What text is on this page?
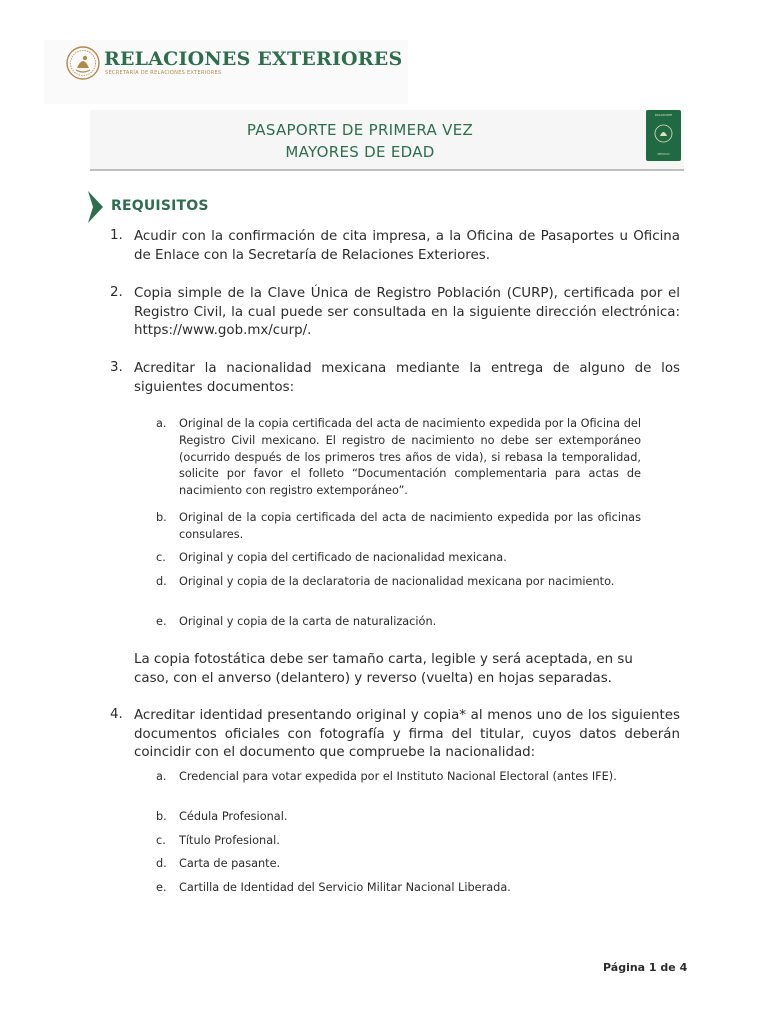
RELACIONES EXTERIORES
SECRETARÍA DE RELACIONES EXTERIORES
PASAPORTE DE PRIMERA VEZ
MAYORES DE EDAD
PASAPORTE
MÉXICO
REQUISITOS
1. Acudir con la confirmación de cita impresa, a la Oficina de Pasaportes u Oficina de Enlace con la Secretaría de Relaciones Exteriores.
2. Copia simple de la Clave Única de Registro Población (CURP), certificada por el Registro Civil, la cual puede ser consultada en la siguiente dirección electrónica: https://www.gob.mx/curp/.
3. Acreditar la nacionalidad mexicana mediante la entrega de alguno de los siguientes documentos:
a. Original de la copia certificada del acta de nacimiento expedida por la Oficina del Registro Civil mexicano. El registro de nacimiento no debe ser extemporáneo (ocurrido después de los primeros tres años de vida), si rebasa la temporalidad, solicite por favor el folleto “Documentación complementaria para actas de nacimiento con registro extemporáneo”.
b. Original de la copia certificada del acta de nacimiento expedida por las oficinas consulares.
c. Original y copia del certificado de nacionalidad mexicana.
d. Original y copia de la declaratoria de nacionalidad mexicana por nacimiento.
e. Original y copia de la carta de naturalización.
La copia fotostática debe ser tamaño carta, legible y será aceptada, en su caso, con el anverso (delantero) y reverso (vuelta) en hojas separadas.
4. Acreditar identidad presentando original y copia* al menos uno de los siguientes documentos oficiales con fotografía y firma del titular, cuyos datos deberán coincidir con el documento que compruebe la nacionalidad:
a. Credencial para votar expedida por el Instituto Nacional Electoral (antes IFE).
b. Cédula Profesional.
c. Título Profesional.
d. Carta de pasante.
e. Cartilla de Identidad del Servicio Militar Nacional Liberada.
Página 1 de 4
